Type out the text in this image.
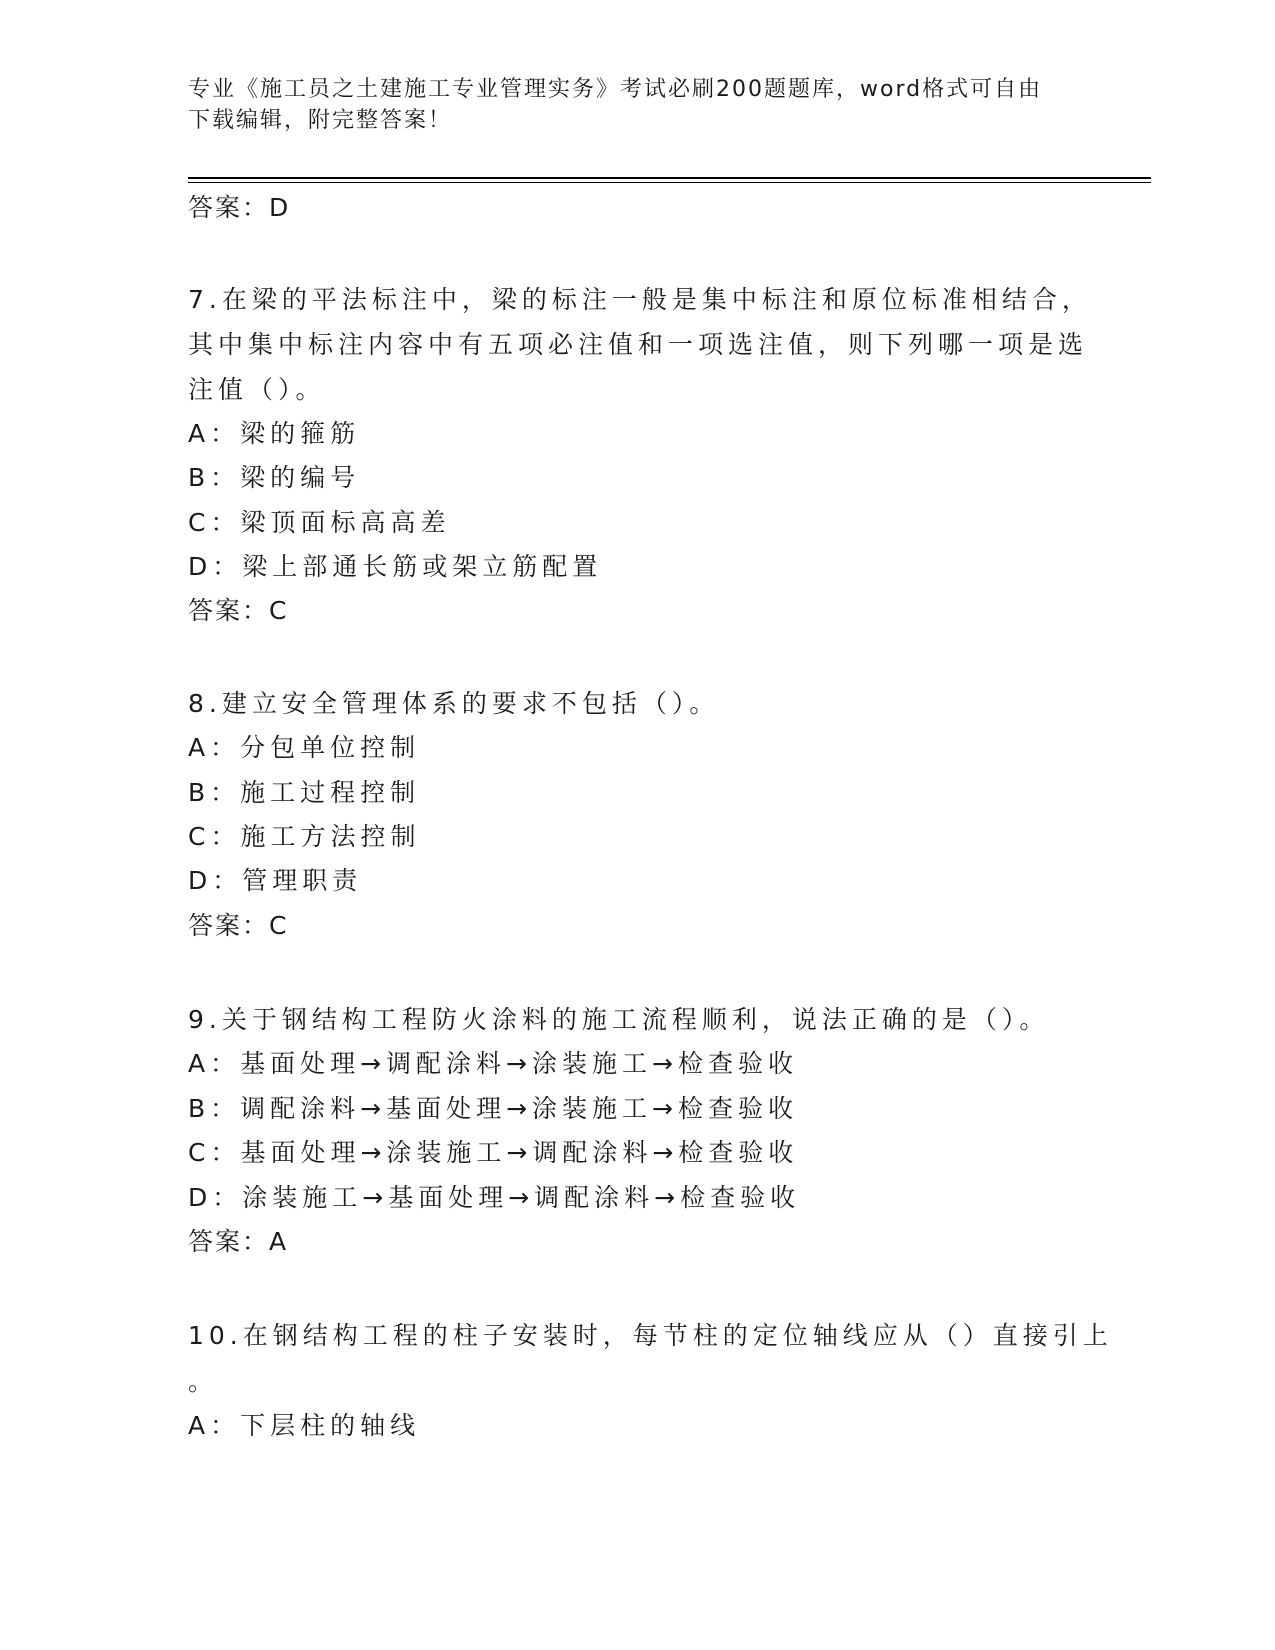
专业《施工员之土建施工专业管理实务》考试必刷200题题库，word格式可自由
下载编辑，附完整答案！
答案：D
7.在梁的平法标注中，梁的标注一般是集中标注和原位标准相结合，
其中集中标注内容中有五项必注值和一项选注值，则下列哪一项是选
注值（）。
A：梁的箍筋
B：梁的编号
C：梁顶面标高高差
D：梁上部通长筋或架立筋配置
答案：C
8.建立安全管理体系的要求不包括（）。
A：分包单位控制
B：施工过程控制
C：施工方法控制
D：管理职责
答案：C
9.关于钢结构工程防火涂料的施工流程顺利，说法正确的是（）。
A：基面处理→调配涂料→涂装施工→检查验收
B：调配涂料→基面处理→涂装施工→检查验收
C：基面处理→涂装施工→调配涂料→检查验收
D：涂装施工→基面处理→调配涂料→检查验收
答案：A
10.在钢结构工程的柱子安装时，每节柱的定位轴线应从（）直接引上
。
A：下层柱的轴线
